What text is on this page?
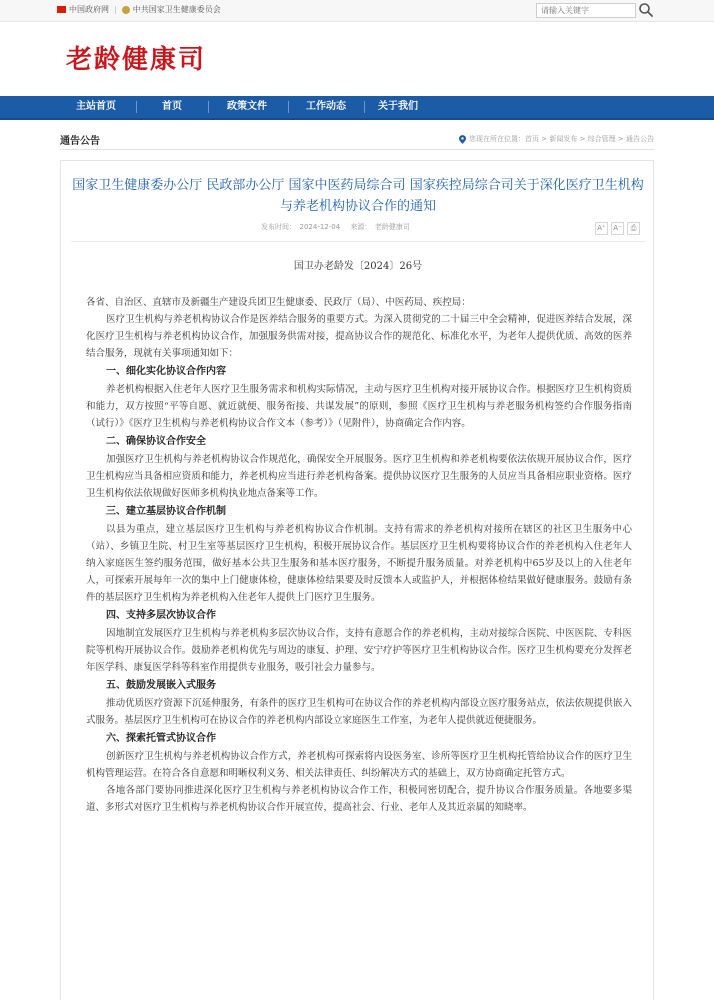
中国政府网 | 中共国家卫生健康委员会
请输入关键字
老龄健康司
主站首页	首页	政策文件	工作动态	关于我们
通告公告	您现在所在位置： 首页 > 新闻发布 > 综合管理 > 通告公告
国家卫生健康委办公厅 民政部办公厅 国家中医药局综合司 国家疾控局综合司关于深化医疗卫生机构与养老机构协议合作的通知
发布时间：　2024-12-04 来源：　老龄健康司	A⁺	A⁻	⎙
国卫办老龄发〔2024〕26号

各省、自治区、直辖市及新疆生产建设兵团卫生健康委、民政厅（局）、中医药局、疾控局：

医疗卫生机构与养老机构协议合作是医养结合服务的重要方式。为深入贯彻党的二十届三中全会精神，促进医养结合发展，深化医疗卫生机构与养老机构协议合作，加强服务供需对接，提高协议合作的规范化、标准化水平，为老年人提供优质、高效的医养结合服务，现就有关事项通知如下：

一、细化实化协议合作内容

养老机构根据入住老年人医疗卫生服务需求和机构实际情况，主动与医疗卫生机构对接开展协议合作。根据医疗卫生机构资质和能力，双方按照“平等自愿、就近就便、服务衔接、共谋发展”的原则，参照《医疗卫生机构与养老服务机构签约合作服务指南（试行）》《医疗卫生机构与养老机构协议合作文本（参考）》（见附件），协商确定合作内容。

二、确保协议合作安全

加强医疗卫生机构与养老机构协议合作规范化，确保安全开展服务。医疗卫生机构和养老机构要依法依规开展协议合作，医疗卫生机构应当具备相应资质和能力，养老机构应当进行养老机构备案。提供协议医疗卫生服务的人员应当具备相应职业资格。医疗卫生机构依法依规做好医师多机构执业地点备案等工作。

三、建立基层协议合作机制

以县为重点，建立基层医疗卫生机构与养老机构协议合作机制。支持有需求的养老机构对接所在辖区的社区卫生服务中心（站）、乡镇卫生院、村卫生室等基层医疗卫生机构，积极开展协议合作。基层医疗卫生机构要将协议合作的养老机构入住老年人纳入家庭医生签约服务范围，做好基本公共卫生服务和基本医疗服务，不断提升服务质量。对养老机构中65岁及以上的入住老年人，可探索开展每年一次的集中上门健康体检，健康体检结果要及时反馈本人或监护人，并根据体检结果做好健康服务。鼓励有条件的基层医疗卫生机构为养老机构入住老年人提供上门医疗卫生服务。

四、支持多层次协议合作

因地制宜发展医疗卫生机构与养老机构多层次协议合作，支持有意愿合作的养老机构，主动对接综合医院、中医医院、专科医院等机构开展协议合作。鼓励养老机构优先与周边的康复、护理、安宁疗护等医疗卫生机构协议合作。医疗卫生机构要充分发挥老年医学科、康复医学科等科室作用提供专业服务，吸引社会力量参与。

五、鼓励发展嵌入式服务

推动优质医疗资源下沉延伸服务，有条件的医疗卫生机构可在协议合作的养老机构内部设立医疗服务站点，依法依规提供嵌入式服务。基层医疗卫生机构可在协议合作的养老机构内部设立家庭医生工作室，为老年人提供就近便捷服务。

六、探索托管式协议合作

创新医疗卫生机构与养老机构协议合作方式，养老机构可探索将内设医务室、诊所等医疗卫生机构托管给协议合作的医疗卫生机构管理运营。在符合各自意愿和明晰权利义务、相关法律责任、纠纷解决方式的基础上，双方协商确定托管方式。

各地各部门要协同推进深化医疗卫生机构与养老机构协议合作工作，积极同密切配合，提升协议合作服务质量。各地要多渠道、多形式对医疗卫生机构与养老机构协议合作开展宣传，提高社会、行业、老年人及其近亲属的知晓率。
